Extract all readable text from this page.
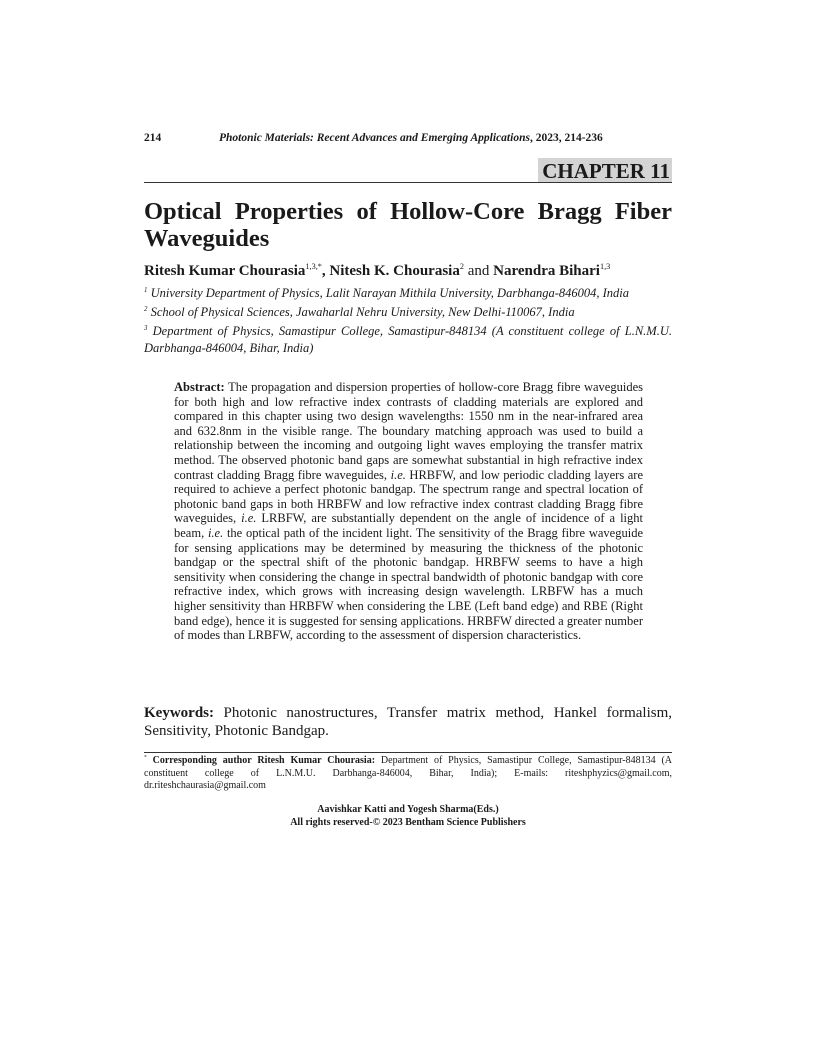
214	Photonic Materials: Recent Advances and Emerging Applications, 2023, 214-236
CHAPTER 11
Optical Properties of Hollow-Core Bragg Fiber Waveguides
Ritesh Kumar Chourasia$^{1,3,*}$, Nitesh K. Chourasia$^2$ and Narendra Bihari$^{1,3}$
$^1$ University Department of Physics, Lalit Narayan Mithila University, Darbhanga-846004, India
$^2$ School of Physical Sciences, Jawaharlal Nehru University, New Delhi-110067, India
$^3$ Department of Physics, Samastipur College, Samastipur-848134 (A constituent college of L.N.M.U. Darbhanga-846004, Bihar, India)
Abstract: The propagation and dispersion properties of hollow-core Bragg fibre waveguides for both high and low refractive index contrasts of cladding materials are explored and compared in this chapter using two design wavelengths: 1550 nm in the near-infrared area and 632.8nm in the visible range. The boundary matching approach was used to build a relationship between the incoming and outgoing light waves employing the transfer matrix method. The observed photonic band gaps are somewhat substantial in high refractive index contrast cladding Bragg fibre waveguides, i.e. HRBFW, and low periodic cladding layers are required to achieve a perfect photonic bandgap. The spectrum range and spectral location of photonic band gaps in both HRBFW and low refractive index contrast cladding Bragg fibre waveguides, i.e. LRBFW, are substantially dependent on the angle of incidence of a light beam, i.e. the optical path of the incident light. The sensitivity of the Bragg fibre waveguide for sensing applications may be determined by measuring the thickness of the photonic bandgap or the spectral shift of the photonic bandgap. HRBFW seems to have a high sensitivity when considering the change in spectral bandwidth of photonic bandgap with core refractive index, which grows with increasing design wavelength. LRBFW has a much higher sensitivity than HRBFW when considering the LBE (Left band edge) and RBE (Right band edge), hence it is suggested for sensing applications. HRBFW directed a greater number of modes than LRBFW, according to the assessment of dispersion characteristics.
Keywords: Photonic nanostructures, Transfer matrix method, Hankel formalism, Sensitivity, Photonic Bandgap.
* Corresponding author Ritesh Kumar Chourasia: Department of Physics, Samastipur College, Samastipur-848134 (A constituent college of L.N.M.U. Darbhanga-846004, Bihar, India); E-mails: riteshphyzics@gmail.com, dr.riteshchaurasia@gmail.com
Aavishkar Katti and Yogesh Sharma(Eds.)
All rights reserved-© 2023 Bentham Science Publishers
